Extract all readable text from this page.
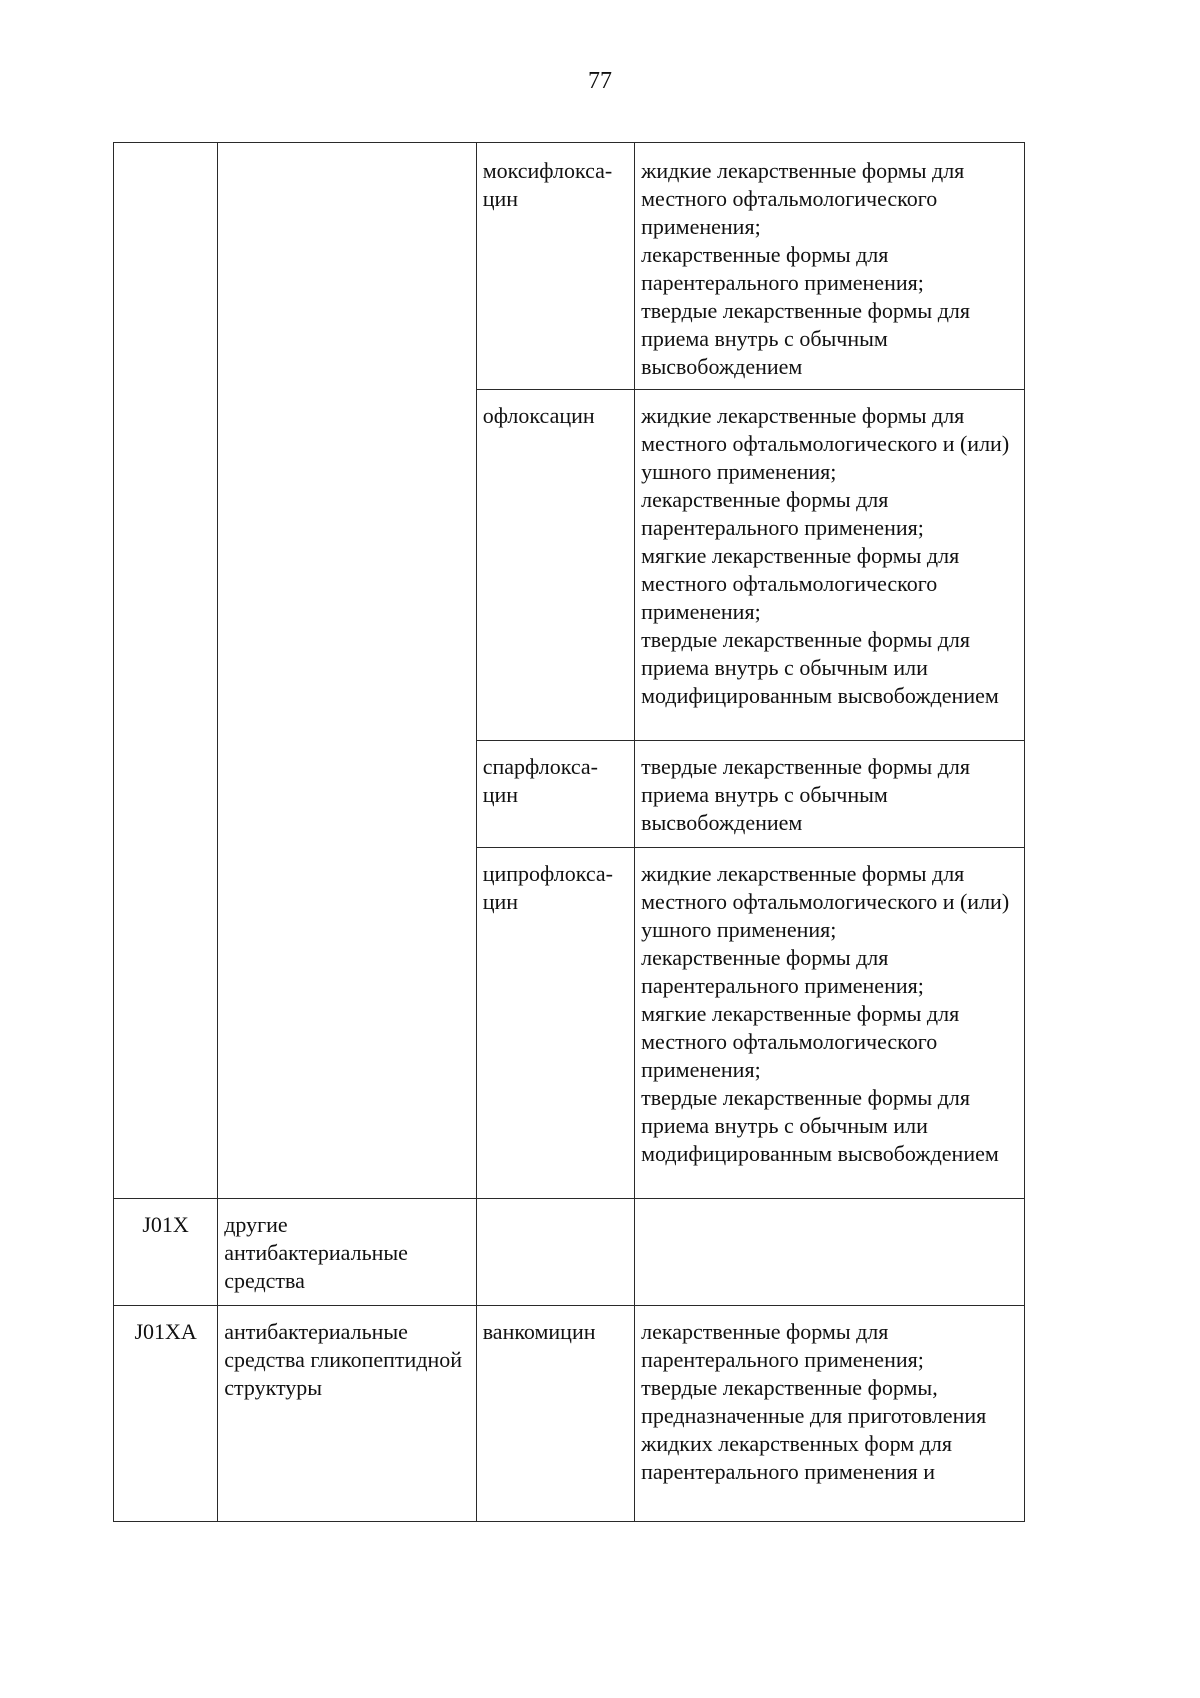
77
		моксифлокса-
цин	жидкие лекарственные формы для местного офтальмологического применения;
лекарственные формы для парентерального применения;
твердые лекарственные формы для приема внутрь с обычным высвобождением
		офлоксацин	жидкие лекарственные формы для местного офтальмологического и (или) ушного применения;
лекарственные формы для парентерального применения;
мягкие лекарственные формы для местного офтальмологического применения;
твердые лекарственные формы для приема внутрь с обычным или модифицированным высвобождением
		спарфлокса-
цин	твердые лекарственные формы для приема внутрь с обычным высвобождением
		ципрофлокса-
цин	жидкие лекарственные формы для местного офтальмологического и (или) ушного применения;
лекарственные формы для парентерального применения;
мягкие лекарственные формы для местного офтальмологического применения;
твердые лекарственные формы для приема внутрь с обычным или модифицированным высвобождением
J01X	другие антибактериальные средства		
J01XA	антибактериальные средства гликопептидной структуры	ванкомицин	лекарственные формы для парентерального применения;
твердые лекарственные формы, предназначенные для приготовления жидких лекарственных форм для парентерального применения и
